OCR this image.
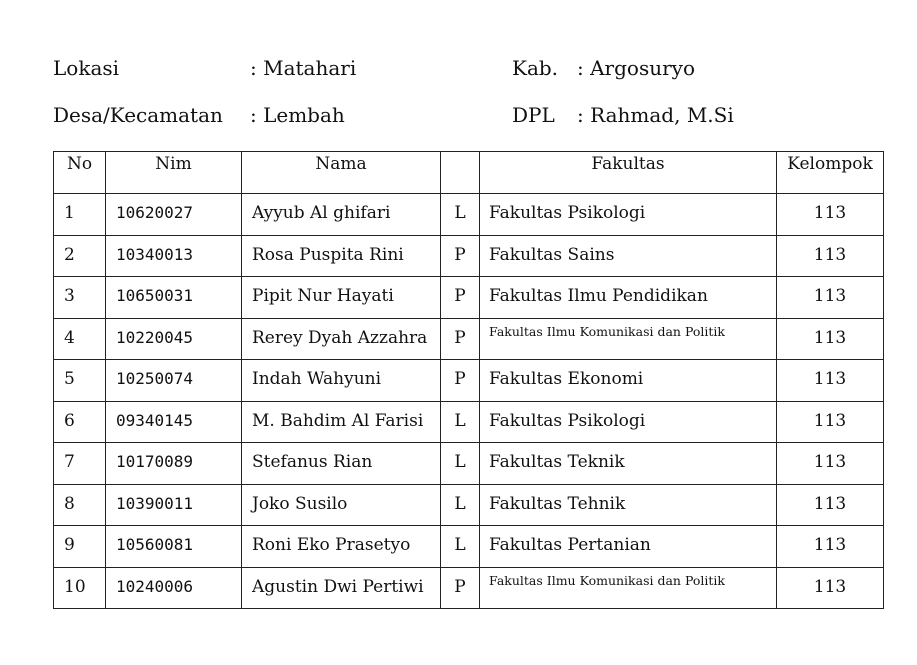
Lokasi	: Matahari	Kab. : Argosuryo
Desa/Kecamatan : Lembah	DPL : Rahmad, M.Si
No	Nim	Nama		Fakultas	Kelompok
1	10620027	Ayyub Al ghifari	L	Fakultas Psikologi	113
2	10340013	Rosa Puspita Rini	P	Fakultas Sains	113
3	10650031	Pipit Nur Hayati	P	Fakultas Ilmu Pendidikan	113
4	10220045	Rerey Dyah Azzahra	P	Fakultas Ilmu Komunikasi dan Politik	113
5	10250074	Indah Wahyuni	P	Fakultas Ekonomi	113
6	09340145	M. Bahdim Al Farisi	L	Fakultas Psikologi	113
7	10170089	Stefanus Rian	L	Fakultas Teknik	113
8	10390011	Joko Susilo	L	Fakultas Tehnik	113
9	10560081	Roni Eko Prasetyo	L	Fakultas Pertanian	113
10	10240006	Agustin Dwi Pertiwi	P	Fakultas Ilmu Komunikasi dan Politik	113
